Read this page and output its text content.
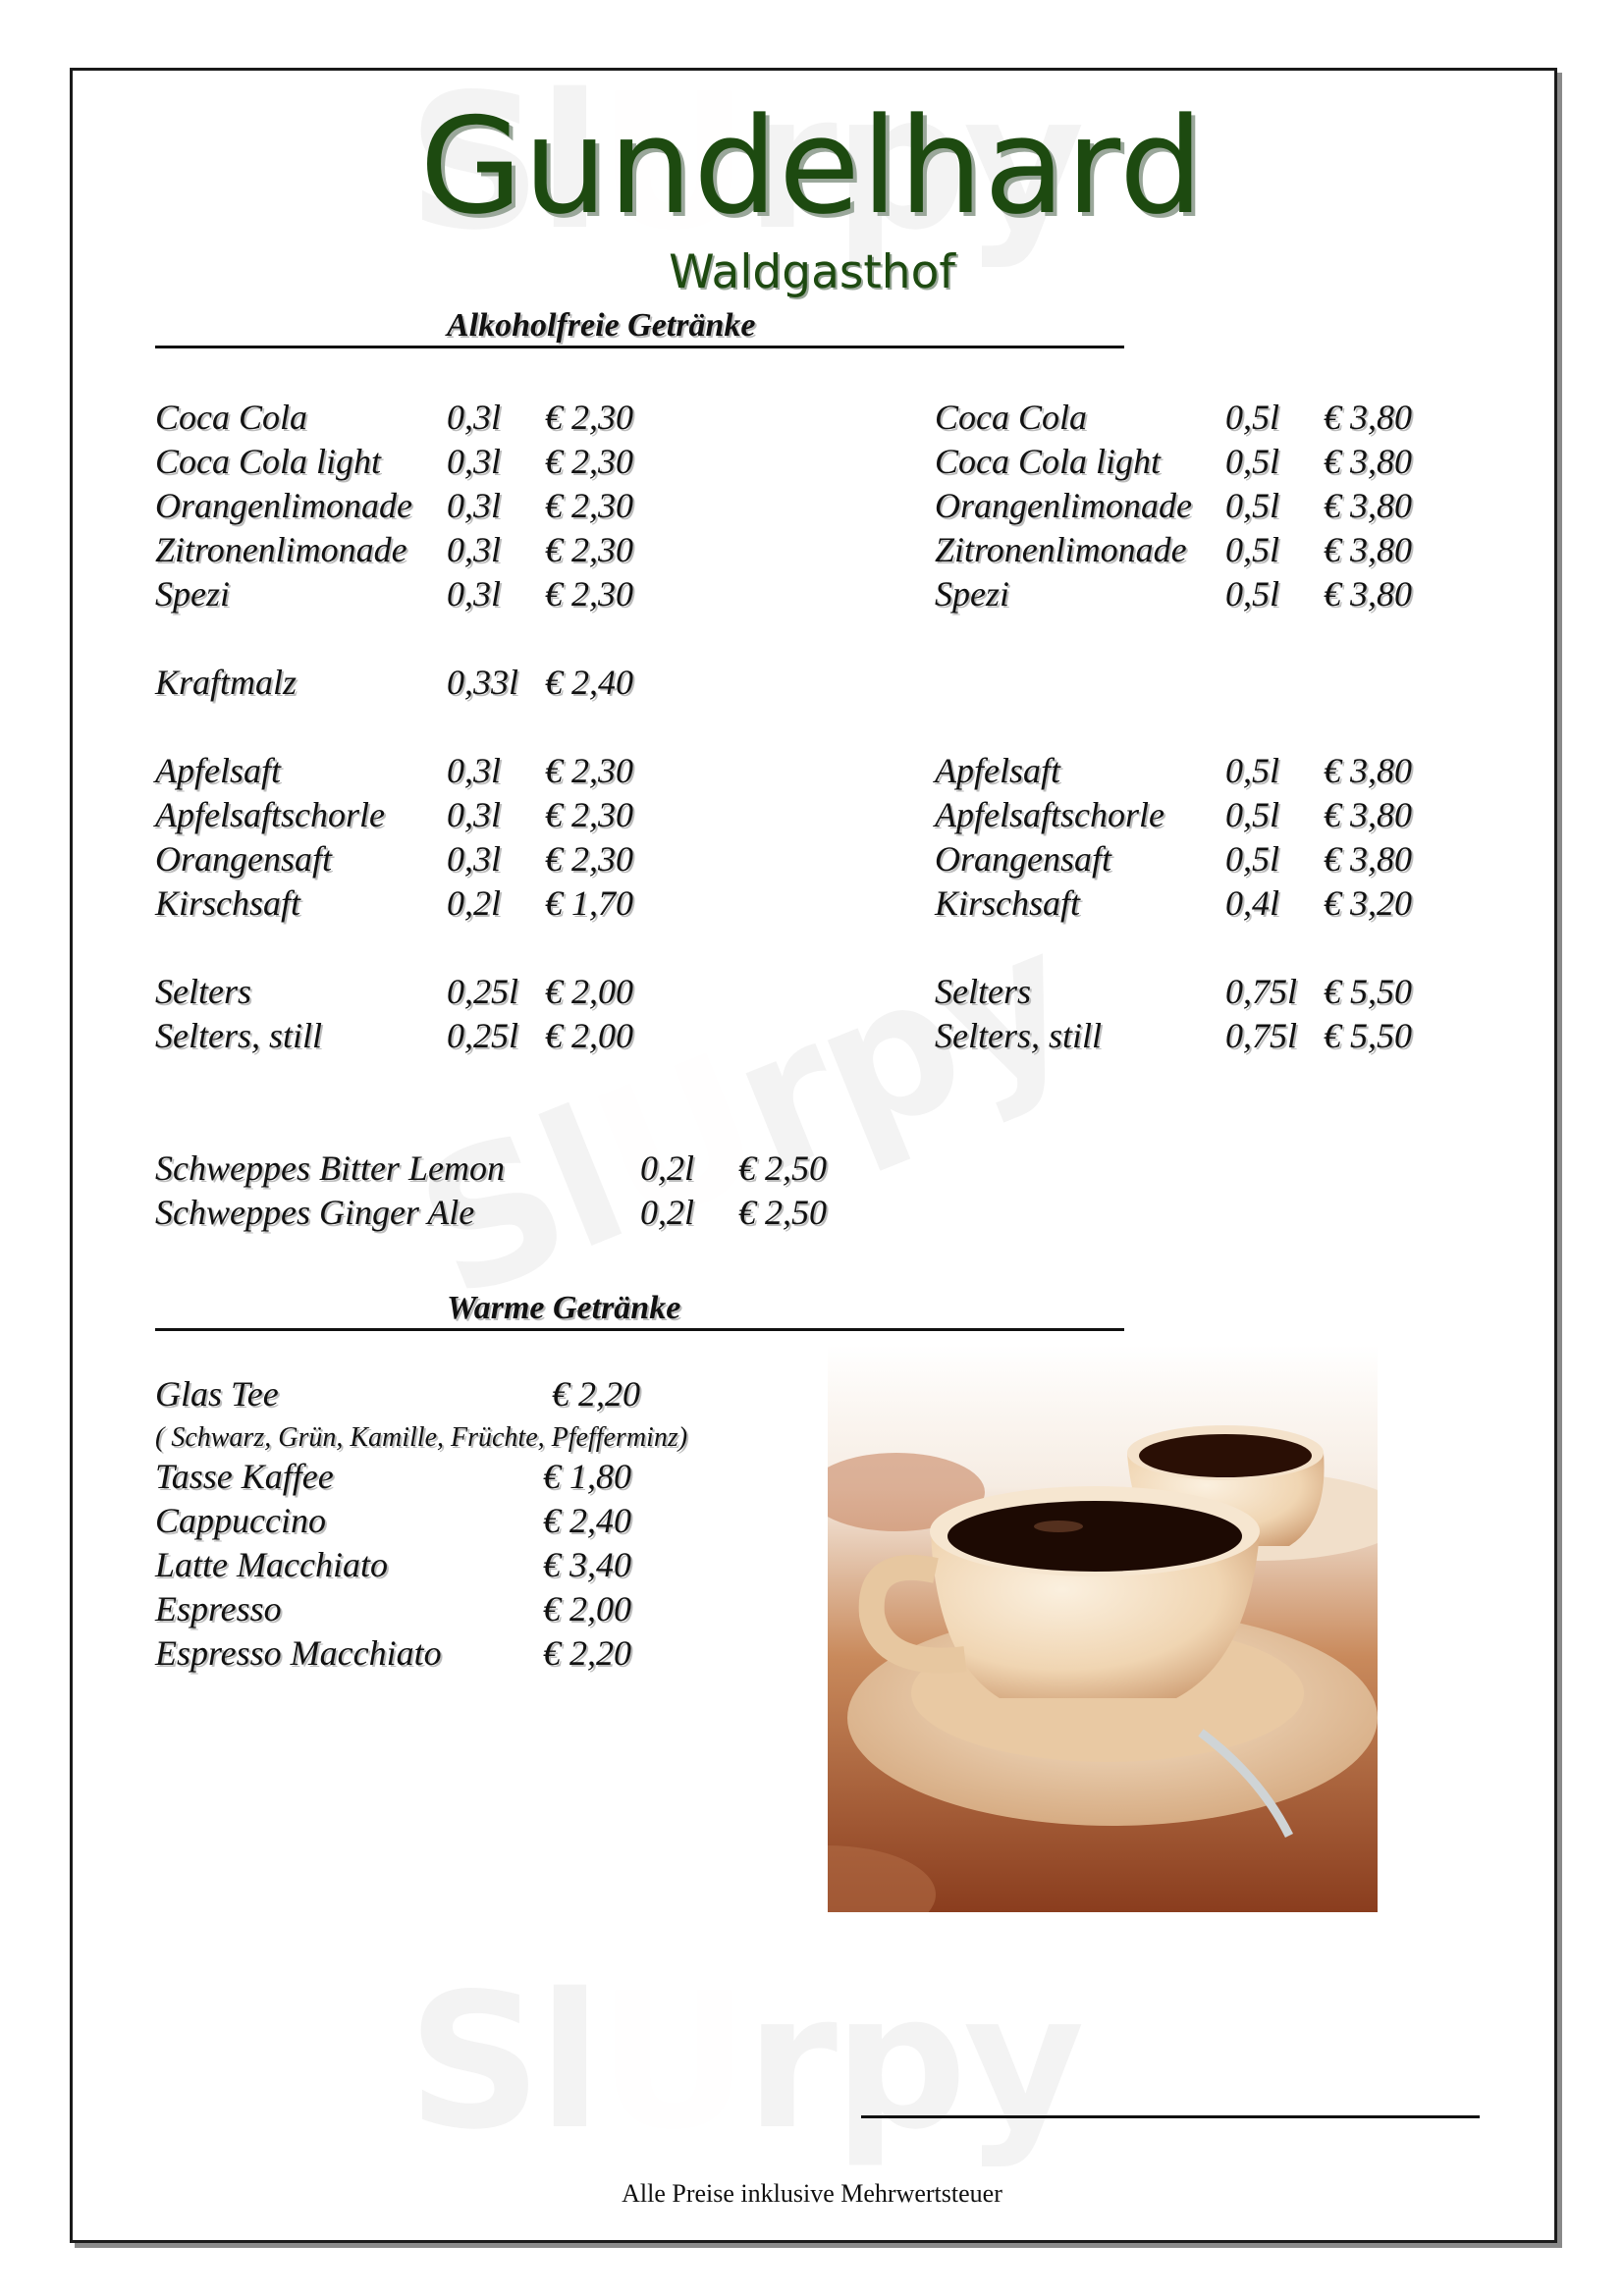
Gundelhard
Waldgasthof
Alkoholfreie Getränke
Warme Getränke
Glas Tee	€ 2,20
( Schwarz, Grün, Kamille, Früchte, Pfefferminz)
Alle Preise inklusive Mehrwertsteuer
Coca Cola	0,3l € 2,30
Coca Cola light 0,3l € 2,30
Orangenlimonade 0,3l € 2,30
Zitronenlimonade 0,3l € 2,30
Spezi	0,3l € 2,30
Kraftmalz	0,33l € 2,40
Apfelsaft	0,3l € 2,30
Apfelsaftschorle 0,3l € 2,30
Orangensaft	0,3l € 2,30
Kirschsaft	0,2l € 1,70
Selters	0,25l € 2,00
Selters, still	0,25l € 2,00
Coca Cola	0,5l € 3,80
Coca Cola light 0,5l € 3,80
Orangenlimonade 0,5l € 3,80
Zitronenlimonade 0,5l € 3,80
Spezi	0,5l € 3,80
Apfelsaft	0,5l € 3,80
Apfelsaftschorle 0,5l € 3,80
Orangensaft	0,5l € 3,80
Kirschsaft	0,4l € 3,20
Selters	0,75l € 5,50
Selters, still	0,75l € 5,50
Schweppes Bitter Lemon	0,2l € 2,50
Schweppes Ginger Ale	0,2l € 2,50
Tasse Kaffee	€ 1,80
Cappuccino	€ 2,40
Latte Macchiato	€ 3,40
Espresso	€ 2,00
Espresso Macchiato	€ 2,20
